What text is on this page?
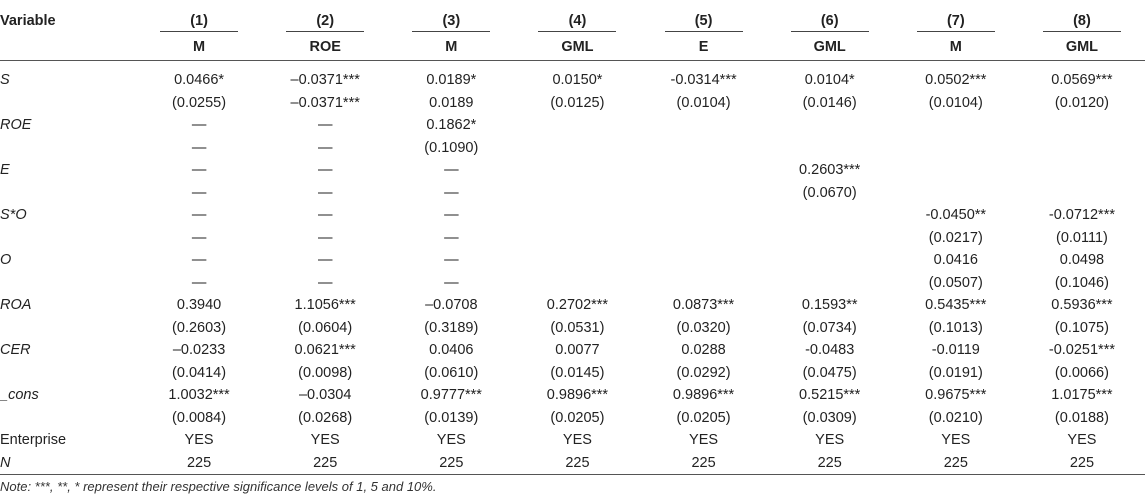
Variable	(1)	(2)	(3)	(4)	(5)	(6)	(7)	(8)
	M	ROE	M	GML	E	GML	M	GML

S	0.0466*	–0.0371***	0.0189*	0.0150*	-0.0314***	0.0104*	0.0502***	0.0569***
	(0.0255)	–0.0371***	0.0189	(0.0125)	(0.0104)	(0.0146)	(0.0104)	(0.0120)
ROE	—	—	0.1862*					
	—	—	(0.1090)					
E	—	—	—			0.2603***		
	—	—	—			(0.0670)		
S*O	—	—	—				-0.0450**	-0.0712***
	—	—	—				(0.0217)	(0.0111)
O	—	—	—				0.0416	0.0498
	—	—	—				(0.0507)	(0.1046)
ROA	0.3940	1.1056***	–0.0708	0.2702***	0.0873***	0.1593**	0.5435***	0.5936***
	(0.2603)	(0.0604)	(0.3189)	(0.0531)	(0.0320)	(0.0734)	(0.1013)	(0.1075)
CER	–0.0233	0.0621***	0.0406	0.0077	0.0288	-0.0483	-0.0119	-0.0251***
	(0.0414)	(0.0098)	(0.0610)	(0.0145)	(0.0292)	(0.0475)	(0.0191)	(0.0066)
_cons	1.0032***	–0.0304	0.9777***	0.9896***	0.9896***	0.5215***	0.9675***	1.0175***
	(0.0084)	(0.0268)	(0.0139)	(0.0205)	(0.0205)	(0.0309)	(0.0210)	(0.0188)
Enterprise	YES	YES	YES	YES	YES	YES	YES	YES
N	225	225	225	225	225	225	225	225
Note: ***, **, * represent their respective significance levels of 1, 5 and 10%.
